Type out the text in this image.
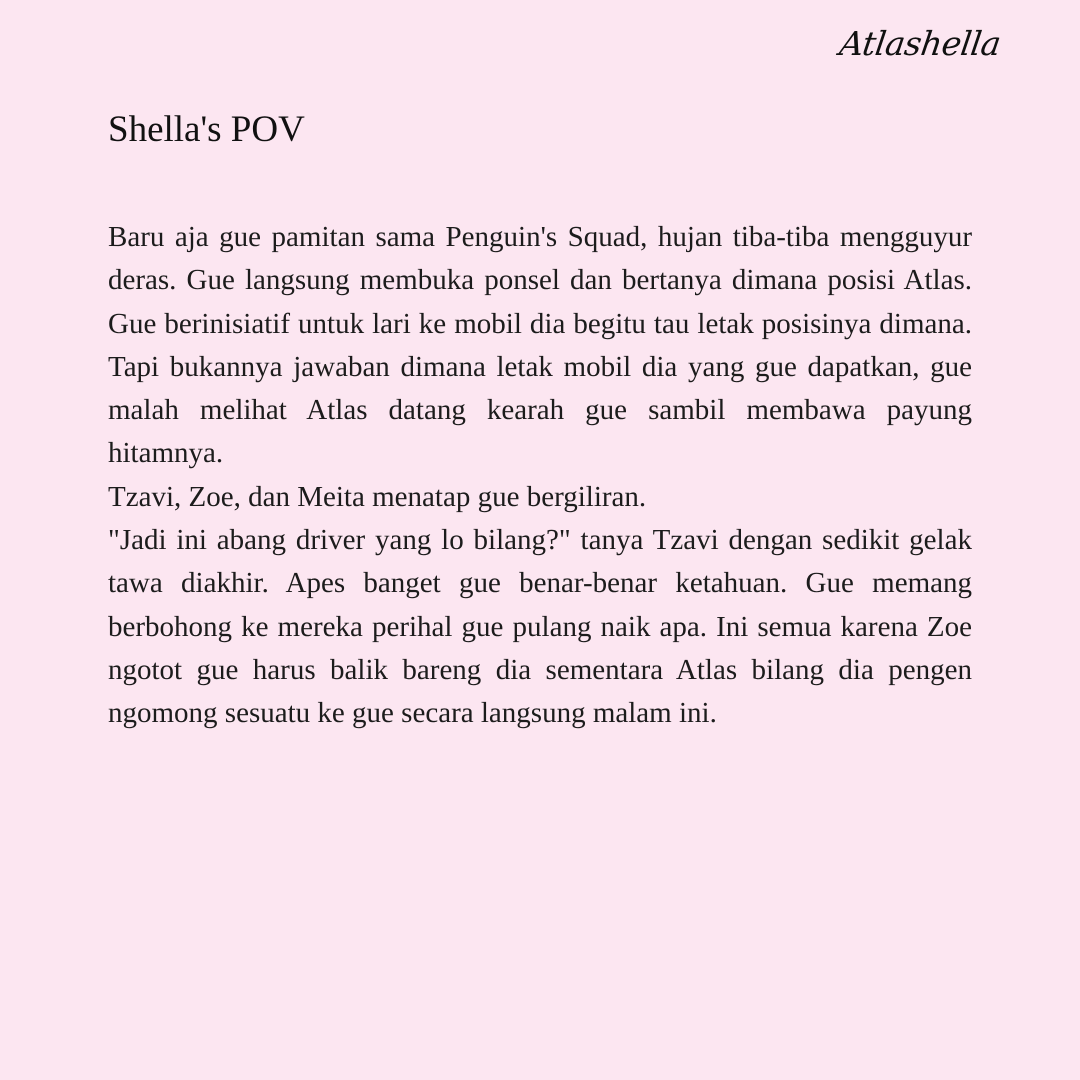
Atlashella
Shella's POV

Baru aja gue pamitan sama Penguin's Squad, hujan tiba-tiba mengguyur deras. Gue langsung membuka ponsel dan bertanya dimana posisi Atlas. Gue berinisiatif untuk lari ke mobil dia begitu tau letak posisinya dimana. Tapi bukannya jawaban dimana letak mobil dia yang gue dapatkan, gue malah melihat Atlas datang kearah gue sambil membawa payung hitamnya.

Tzavi, Zoe, dan Meita menatap gue bergiliran.

"Jadi ini abang driver yang lo bilang?" tanya Tzavi dengan sedikit gelak tawa diakhir. Apes banget gue benar-benar ketahuan. Gue memang berbohong ke mereka perihal gue pulang naik apa. Ini semua karena Zoe ngotot gue harus balik bareng dia sementara Atlas bilang dia pengen ngomong sesuatu ke gue secara langsung malam ini.
